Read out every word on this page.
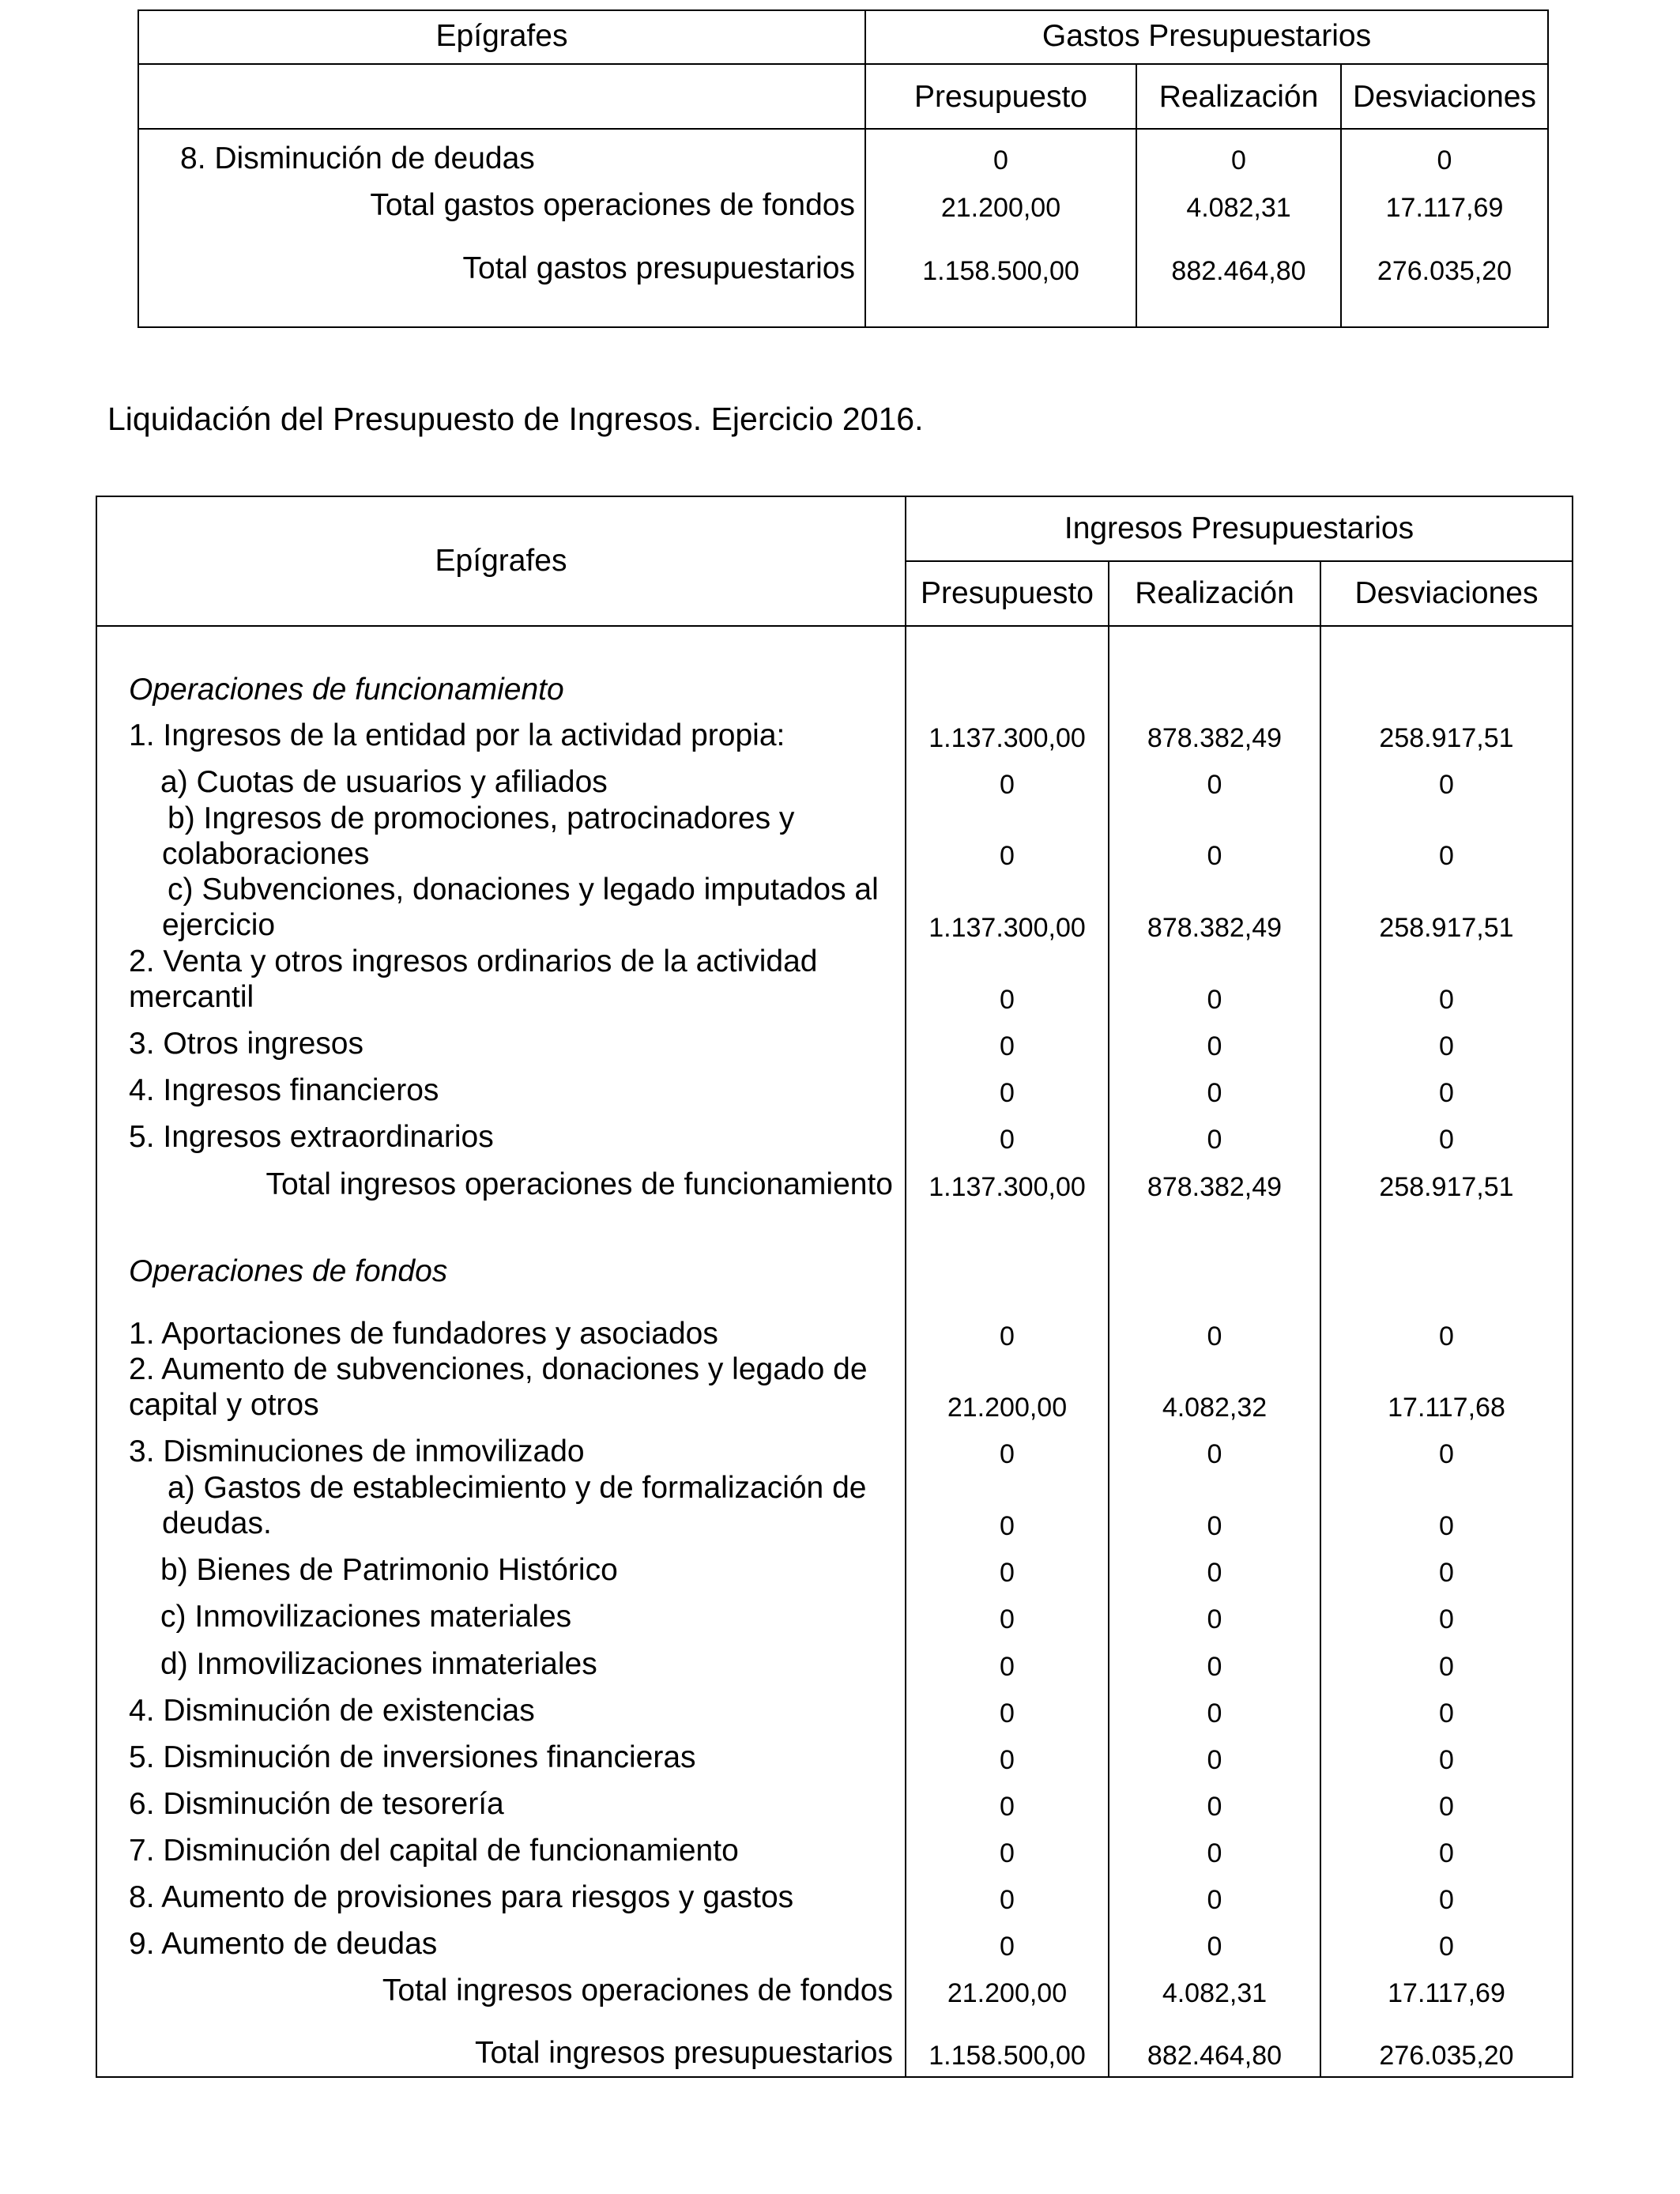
Epígrafes	Gastos Presupuestarios
Presupuesto	Realización	Desviaciones
8. Disminución de deudas	0	0	0
Total gastos operaciones de fondos	21.200,00	4.082,31	17.117,69
Total gastos presupuestarios	1.158.500,00	882.464,80	276.035,20
Liquidación del Presupuesto de Ingresos. Ejercicio 2016.
Epígrafes
Ingresos Presupuestarios
Presupuesto	Realización	Desviaciones
Operaciones de funcionamiento
1. Ingresos de la entidad por la actividad propia:	1.137.300,00	878.382,49	258.917,51
a) Cuotas de usuarios y afiliados	0	0	0
b) Ingresos de promociones, patrocinadores y
colaboraciones	0	0	0
c) Subvenciones, donaciones y legado imputados al
ejercicio	1.137.300,00	878.382,49	258.917,51
2. Venta y otros ingresos ordinarios de la actividad
mercantil	0	0	0
3. Otros ingresos	0	0	0
4. Ingresos financieros	0	0	0
5. Ingresos extraordinarios	0	0	0
Total ingresos operaciones de funcionamiento	1.137.300,00	878.382,49	258.917,51
Operaciones de fondos
1. Aportaciones de fundadores y asociados	0	0	0
2. Aumento de subvenciones, donaciones y legado de
capital y otros	21.200,00	4.082,32	17.117,68
3. Disminuciones de inmovilizado	0	0	0
a) Gastos de establecimiento y de formalización de
deudas.	0	0	0
b) Bienes de Patrimonio Histórico	0	0	0
c) Inmovilizaciones materiales	0	0	0
d) Inmovilizaciones inmateriales	0	0	0
4. Disminución de existencias	0	0	0
5. Disminución de inversiones financieras	0	0	0
6. Disminución de tesorería	0	0	0
7. Disminución del capital de funcionamiento	0	0	0
8. Aumento de provisiones para riesgos y gastos	0	0	0
9. Aumento de deudas	0	0	0
Total ingresos operaciones de fondos	21.200,00	4.082,31	17.117,69
Total ingresos presupuestarios	1.158.500,00	882.464,80	276.035,20
